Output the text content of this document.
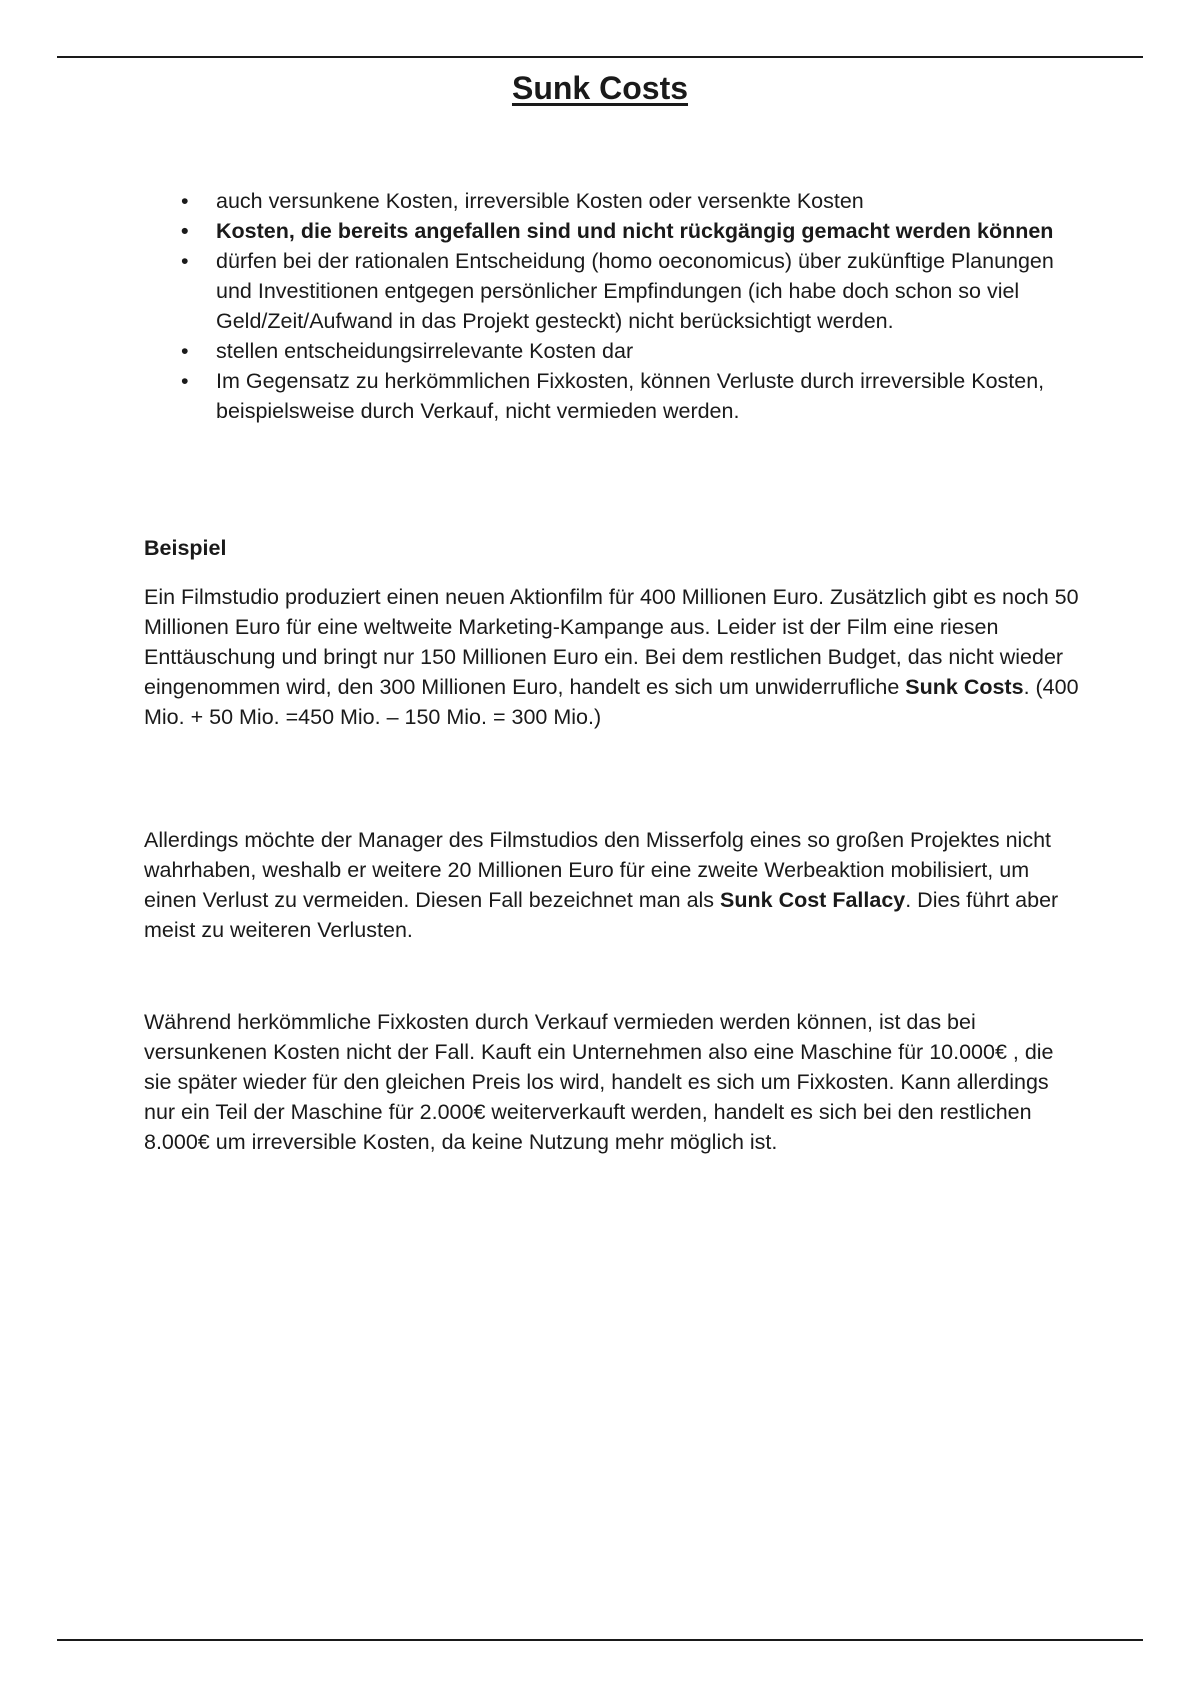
Sunk Costs
• auch versunkene Kosten, irreversible Kosten oder versenkte Kosten
• Kosten, die bereits angefallen sind und nicht rückgängig gemacht werden können
• dürfen bei der rationalen Entscheidung (homo oeconomicus) über zukünftige Planungen und Investitionen entgegen persönlicher Empfindungen (ich habe doch schon so viel Geld/Zeit/Aufwand in das Projekt gesteckt) nicht berücksichtigt werden.
• stellen entscheidungsirrelevante Kosten dar
• Im Gegensatz zu herkömmlichen Fixkosten, können Verluste durch irreversible Kosten, beispielsweise durch Verkauf, nicht vermieden werden.
Beispiel

Ein Filmstudio produziert einen neuen Aktionfilm für 400 Millionen Euro. Zusätzlich gibt es noch 50 Millionen Euro für eine weltweite Marketing-Kampange aus. Leider ist der Film eine riesen Enttäuschung und bringt nur 150 Millionen Euro ein. Bei dem restlichen Budget, das nicht wieder eingenommen wird, den 300 Millionen Euro, handelt es sich um unwiderrufliche Sunk Costs. (400 Mio. + 50 Mio. =450 Mio. – 150 Mio. = 300 Mio.)

Allerdings möchte der Manager des Filmstudios den Misserfolg eines so großen Projektes nicht wahrhaben, weshalb er weitere 20 Millionen Euro für eine zweite Werbeaktion mobilisiert, um einen Verlust zu vermeiden. Diesen Fall bezeichnet man als Sunk Cost Fallacy. Dies führt aber meist zu weiteren Verlusten.

Während herkömmliche Fixkosten durch Verkauf vermieden werden können, ist das bei versunkenen Kosten nicht der Fall. Kauft ein Unternehmen also eine Maschine für 10.000€ , die sie später wieder für den gleichen Preis los wird, handelt es sich um Fixkosten. Kann allerdings nur ein Teil der Maschine für 2.000€ weiterverkauft werden, handelt es sich bei den restlichen 8.000€ um irreversible Kosten, da keine Nutzung mehr möglich ist.
